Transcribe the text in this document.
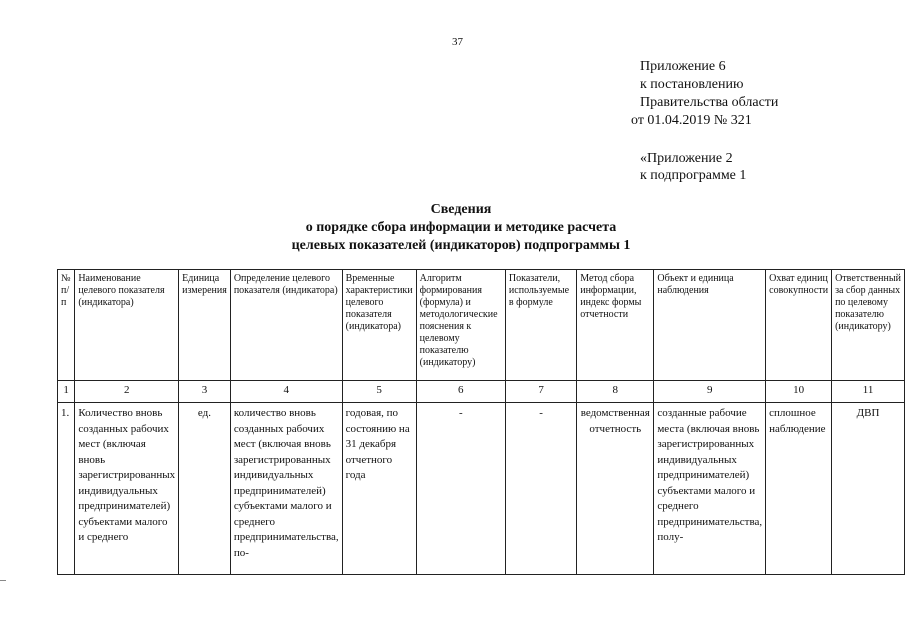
37
Приложение 6
к постановлению
Правительства области
от 01.04.2019 № 321
«Приложение 2
к подпрограмме 1
Сведения
о порядке сбора информации и методике расчета
целевых показателей (индикаторов) подпрограммы 1
№ п/п	Наименование целевого показателя (индикатора)	Единица измерения	Определение целевого показателя (индикатора)	Временные характеристики целевого показателя (индикатора)	Алгоритм формирования (формула) и методологические пояснения к целевому показателю (индикатору)	Показатели, используемые в формуле	Метод сбора информации, индекс формы отчетности	Объект и единица наблюдения	Охват единиц совокупности	Ответственный за сбор данных по целевому показателю (индикатору)
1	2	3	4	5	6	7	8	9	10	11
1.	Количество вновь созданных рабочих мест (включая вновь зарегистрированных индивидуальных предпринимателей) субъектами малого и среднего	ед.	количество вновь созданных рабочих мест (включая вновь зарегистрированных индивидуальных предпринимателей) субъектами малого и среднего предпринимательства, по-	годовая, по состоянию на 31 декабря отчетного года	-	-	ведомственная отчетность	созданные рабочие места (включая вновь зарегистрированных индивидуальных предпринимателей) субъектами малого и среднего предпринимательства, полу-	сплошное наблюдение	ДВП
